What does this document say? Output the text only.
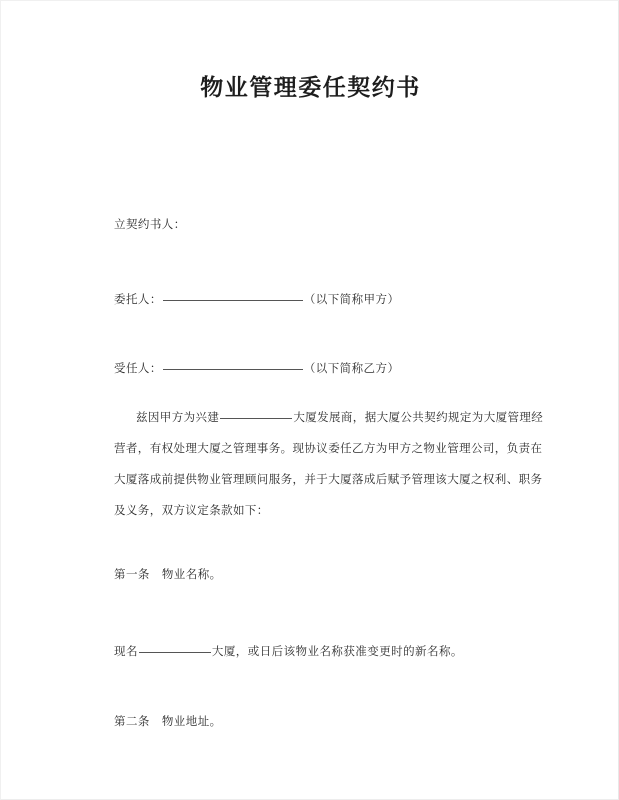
物业管理委任契约书
立契约书人：
委托人：	（以下简称甲方）
受任人：	（以下简称乙方）
兹因甲方为兴建	大厦发展商，据大厦公共契约规定为大厦管理经
营者，有权处理大厦之管理事务。现协议委任乙方为甲方之物业管理公司，负责在
大厦落成前提供物业管理顾问服务，并于大厦落成后赋予管理该大厦之权利、职务
及义务，双方议定条款如下：
第一条 物业名称。
现名	大厦，或日后该物业名称获准变更时的新名称。
第二条 物业地址。
